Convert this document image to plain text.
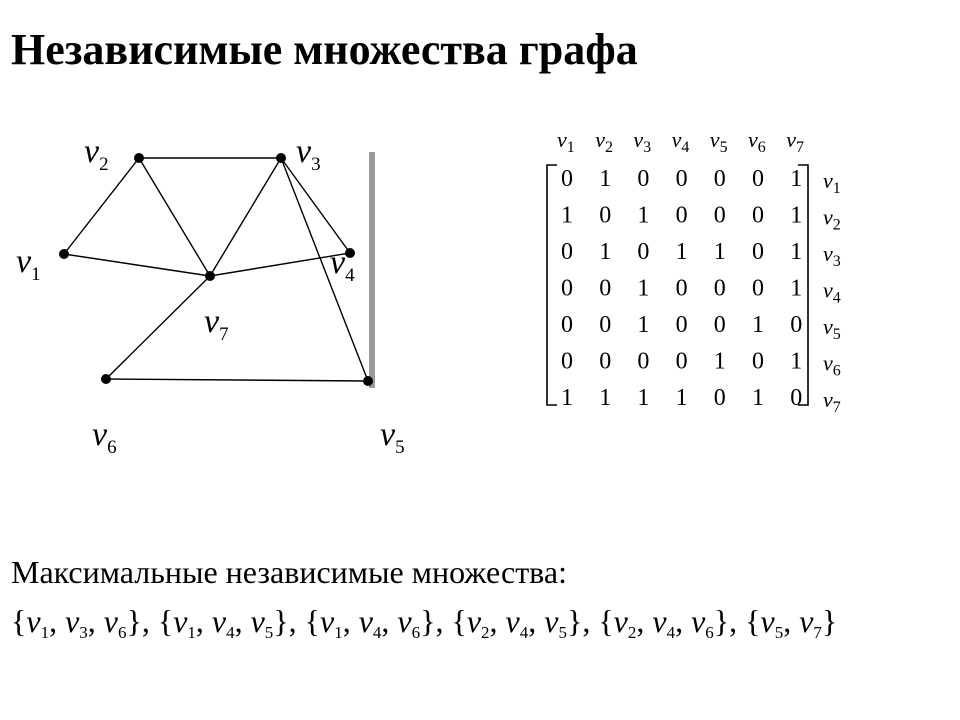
Независимые множества графа
$v_1$
$v_2$	$v_3$
$v_4$
$v_5$
$v_6$
$v_7$
$v_1$ $v_2$ $v_3$ $v_4$ $v_5$ $v_6$ $v_7$
0 1 0 0 0 0 1
1 0 1 0 0 0 1
0 1 0 1 1 0 1
0 0 1 0 0 0 1
0 0 1 0 0 1 0
0 0 0 0 1 0 1
1 1 1 1 0 1 0
$v_1$
$v_2$
$v_3$
$v_4$
$v_5$
$v_6$
$v_7$
Максимальные независимые множества:
{$v_1$, $v_3$, $v_6$}, {$v_1$, $v_4$, $v_5$}, {$v_1$, $v_4$, $v_6$}, {$v_2$, $v_4$, $v_5$}, {$v_2$, $v_4$, $v_6$}, {$v_5$, $v_7$}
